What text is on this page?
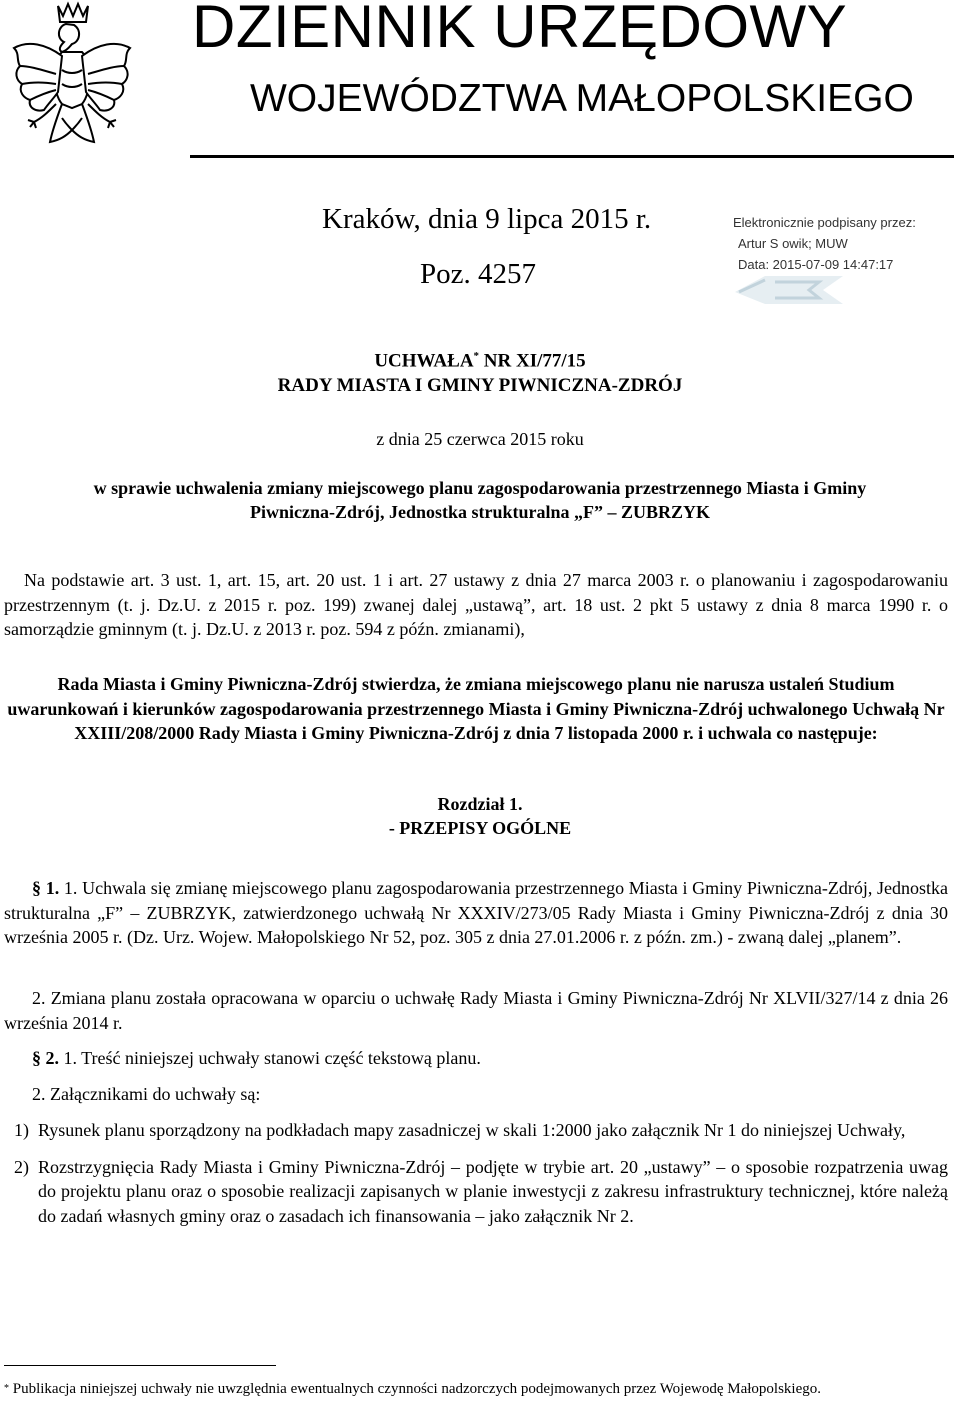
DZIENNIK URZĘDOWY
WOJEWÓDZTWA MAŁOPOLSKIEGO
Kraków, dnia 9 lipca 2015 r.
Poz. 4257
Elektronicznie podpisany przez:
Artur S owik; MUW
Data: 2015-07-09 14:47:17
UCHWAŁA* NR XI/77/15
RADY MIASTA I GMINY PIWNICZNA-ZDRÓJ
z dnia 25 czerwca 2015 roku
w sprawie uchwalenia zmiany miejscowego planu zagospodarowania przestrzennego Miasta i Gminy
Piwniczna-Zdrój, Jednostka strukturalna „F” – ZUBRZYK
Na podstawie art. 3 ust. 1, art. 15, art. 20 ust. 1 i art. 27 ustawy z dnia 27 marca 2003 r. o planowaniu i zagospodarowaniu przestrzennym (t. j. Dz.U. z 2015 r. poz. 199) zwanej dalej „ustawą”, art. 18 ust. 2 pkt 5 ustawy z dnia 8 marca 1990 r. o samorządzie gminnym (t. j. Dz.U. z 2013 r. poz. 594 z późn. zmianami),
Rada Miasta i Gminy Piwniczna-Zdrój stwierdza, że zmiana miejscowego planu nie narusza ustaleń Studium uwarunkowań i kierunków zagospodarowania przestrzennego Miasta i Gminy Piwniczna-Zdrój uchwalonego Uchwałą Nr XXIII/208/2000 Rady Miasta i Gminy Piwniczna-Zdrój z dnia 7 listopada 2000 r. i uchwala co następuje:
Rozdział 1.
- PRZEPISY OGÓLNE
§ 1. 1. Uchwala się zmianę miejscowego planu zagospodarowania przestrzennego Miasta i Gminy Piwniczna-Zdrój, Jednostka strukturalna „F” – ZUBRZYK, zatwierdzonego uchwałą Nr XXXIV/273/05 Rady Miasta i Gminy Piwniczna-Zdrój z dnia 30 września 2005 r. (Dz. Urz. Wojew. Małopolskiego Nr 52, poz. 305 z dnia 27.01.2006 r. z późn. zm.) - zwaną dalej „planem”.
2. Zmiana planu została opracowana w oparciu o uchwałę Rady Miasta i Gminy Piwniczna-Zdrój Nr XLVII/327/14 z dnia 26 września 2014 r.
§ 2. 1. Treść niniejszej uchwały stanowi część tekstową planu.
2. Załącznikami do uchwały są:
1) Rysunek planu sporządzony na podkładach mapy zasadniczej w skali 1:2000 jako załącznik Nr 1 do niniejszej Uchwały,
2) Rozstrzygnięcia Rady Miasta i Gminy Piwniczna-Zdrój – podjęte w trybie art. 20 „ustawy” – o sposobie rozpatrzenia uwag do projektu planu oraz o sposobie realizacji zapisanych w planie inwestycji z zakresu infrastruktury technicznej, które należą do zadań własnych gminy oraz o zasadach ich finansowania – jako załącznik Nr 2.
* Publikacja niniejszej uchwały nie uwzględnia ewentualnych czynności nadzorczych podejmowanych przez Wojewodę Małopolskiego.
